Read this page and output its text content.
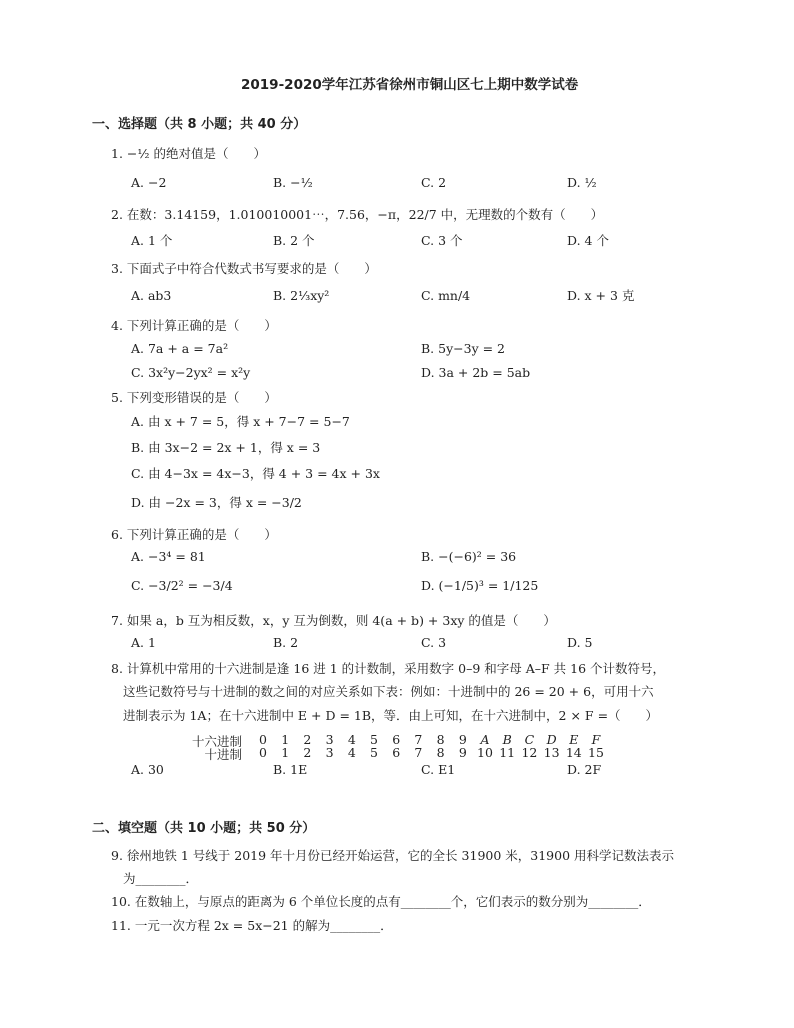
2019-2020学年江苏省徐州市铜山区七上期中数学试卷
一、选择题（共 8 小题；共 40 分）
1. −½ 的绝对值是（　　）
A. −2	B. −½	C. 2	D. ½
2. 在数：3.14159，1.010010001⋯，7.56，−π，22/7 中，无理数的个数有（　　）
A. 1 个	B. 2 个	C. 3 个	D. 4 个
3. 下面式子中符合代数式书写要求的是（　　）
A. ab3	B. 2⅓xy²	C. mn/4	D. x + 3 克
4. 下列计算正确的是（　　）
A. 7a + a = 7a²	B. 5y−3y = 2
C. 3x²y−2yx² = x²y	D. 3a + 2b = 5ab
5. 下列变形错误的是（　　）
A. 由 x + 7 = 5，得 x + 7−7 = 5−7
B. 由 3x−2 = 2x + 1，得 x = 3
C. 由 4−3x = 4x−3，得 4 + 3 = 4x + 3x
D. 由 −2x = 3，得 x = −3/2
6. 下列计算正确的是（　　）
A. −3⁴ = 81	B. −(−6)² = 36
C. −3/2² = −3/4	D. (−1/5)³ = 1/125
7. 如果 a，b 互为相反数，x，y 互为倒数，则 4(a + b) + 3xy 的值是（　　）
A. 1	B. 2	C. 3	D. 5
8. 计算机中常用的十六进制是逢 16 进 1 的计数制，采用数字 0–9 和字母 A–F 共 16 个计数符号，
这些记数符号与十进制的数之间的对应关系如下表：例如：十进制中的 26 = 20 + 6，可用十六
进制表示为 1A；在十六进制中 E + D = 1B，等．由上可知，在十六进制中，2 × F =（　　）
十六进制	0	1	2	3	4	5	6	7	8	9	A	B	C D	E	F
十进制	0	1	2	3	4	5	6	7	8	9 10 11 12 13 14 15
A. 30	B. 1E	C. E1	D. 2F
二、填空题（共 10 小题；共 50 分）
9. 徐州地铁 1 号线于 2019 年十月份已经开始运营，它的全长 31900 米，31900 用科学记数法表示
为________．
10. 在数轴上，与原点的距离为 6 个单位长度的点有________个，它们表示的数分别为________．
11. 一元一次方程 2x = 5x−21 的解为________．
